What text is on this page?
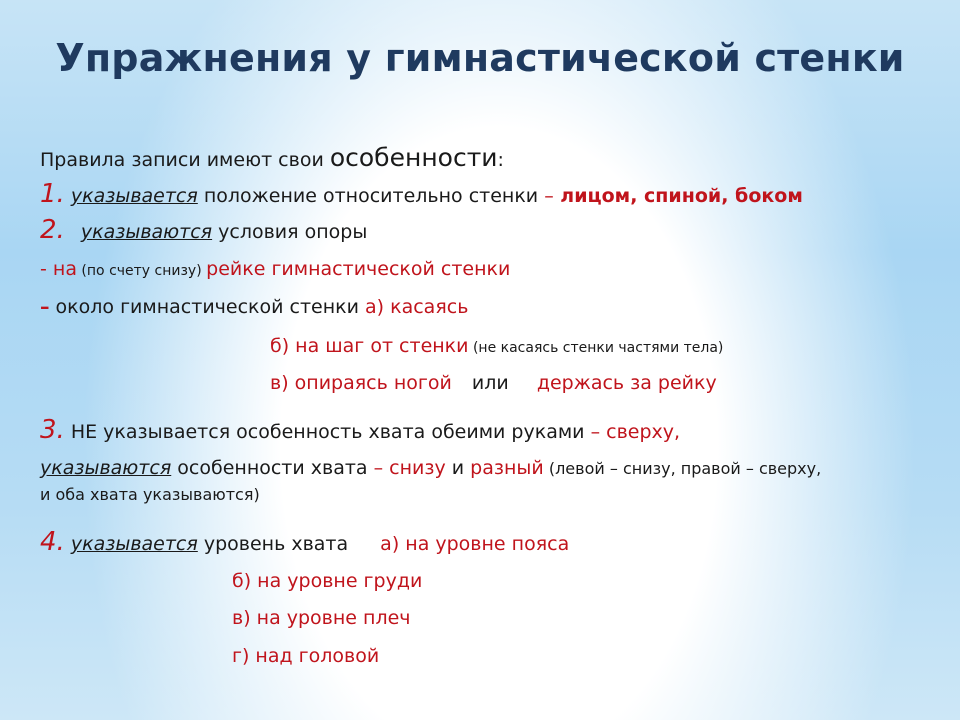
Упражнения у гимнастической стенки
Правила записи имеют свои особенности:
1. указывается положение относительно стенки – лицом, спиной, боком
2. указываются условия опоры
- на (по счету снизу) рейке гимнастической стенки
– около гимнастической стенки а) касаясь
б) на шаг от стенки (не касаясь стенки частями тела)
в) опираясь ногой или держась за рейку
3. НЕ указывается особенность хвата обеими руками – сверху,
указываются особенности хвата – снизу и разный (левой – снизу, правой – сверху,
и оба хвата указываются)
4. указывается уровень хвата а) на уровне пояса
б) на уровне груди
в) на уровне плеч
г) над головой
